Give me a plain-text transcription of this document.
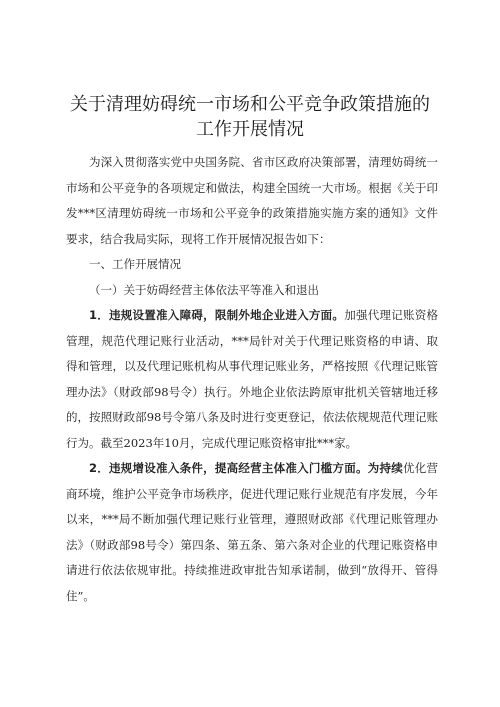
关于清理妨碍统一市场和公平竞争政策措施的
工作开展情况

为深入贯彻落实党中央国务院、省市区政府决策部署，清理妨碍统一市场和公平竞争的各项规定和做法，构建全国统一大市场。根据《关于印发***区清理妨碍统一市场和公平竞争的政策措施实施方案的通知》文件要求，结合我局实际，现将工作开展情况报告如下：

一、工作开展情况

（一）关于妨碍经营主体依法平等准入和退出

1．违规设置准入障碍，限制外地企业进入方面。加强代理记账资格管理，规范代理记账行业活动，***局针对关于代理记账资格的申请、取得和管理，以及代理记账机构从事代理记账业务，严格按照《代理记账管理办法》（财政部98号令）执行。外地企业依法跨原审批机关管辖地迁移的，按照财政部98号令第八条及时进行变更登记，依法依规规范代理记账行为。截至2023年10月，完成代理记账资格审批***家。

2．违规增设准入条件，提高经营主体准入门槛方面。为持续优化营商环境，维护公平竞争市场秩序，促进代理记账行业规范有序发展，今年以来，***局不断加强代理记账行业管理，遵照财政部《代理记账管理办法》（财政部98号令）第四条、第五条、第六条对企业的代理记账资格申请进行依法依规审批。持续推进政审批告知承诺制，做到“放得开、管得住”。
